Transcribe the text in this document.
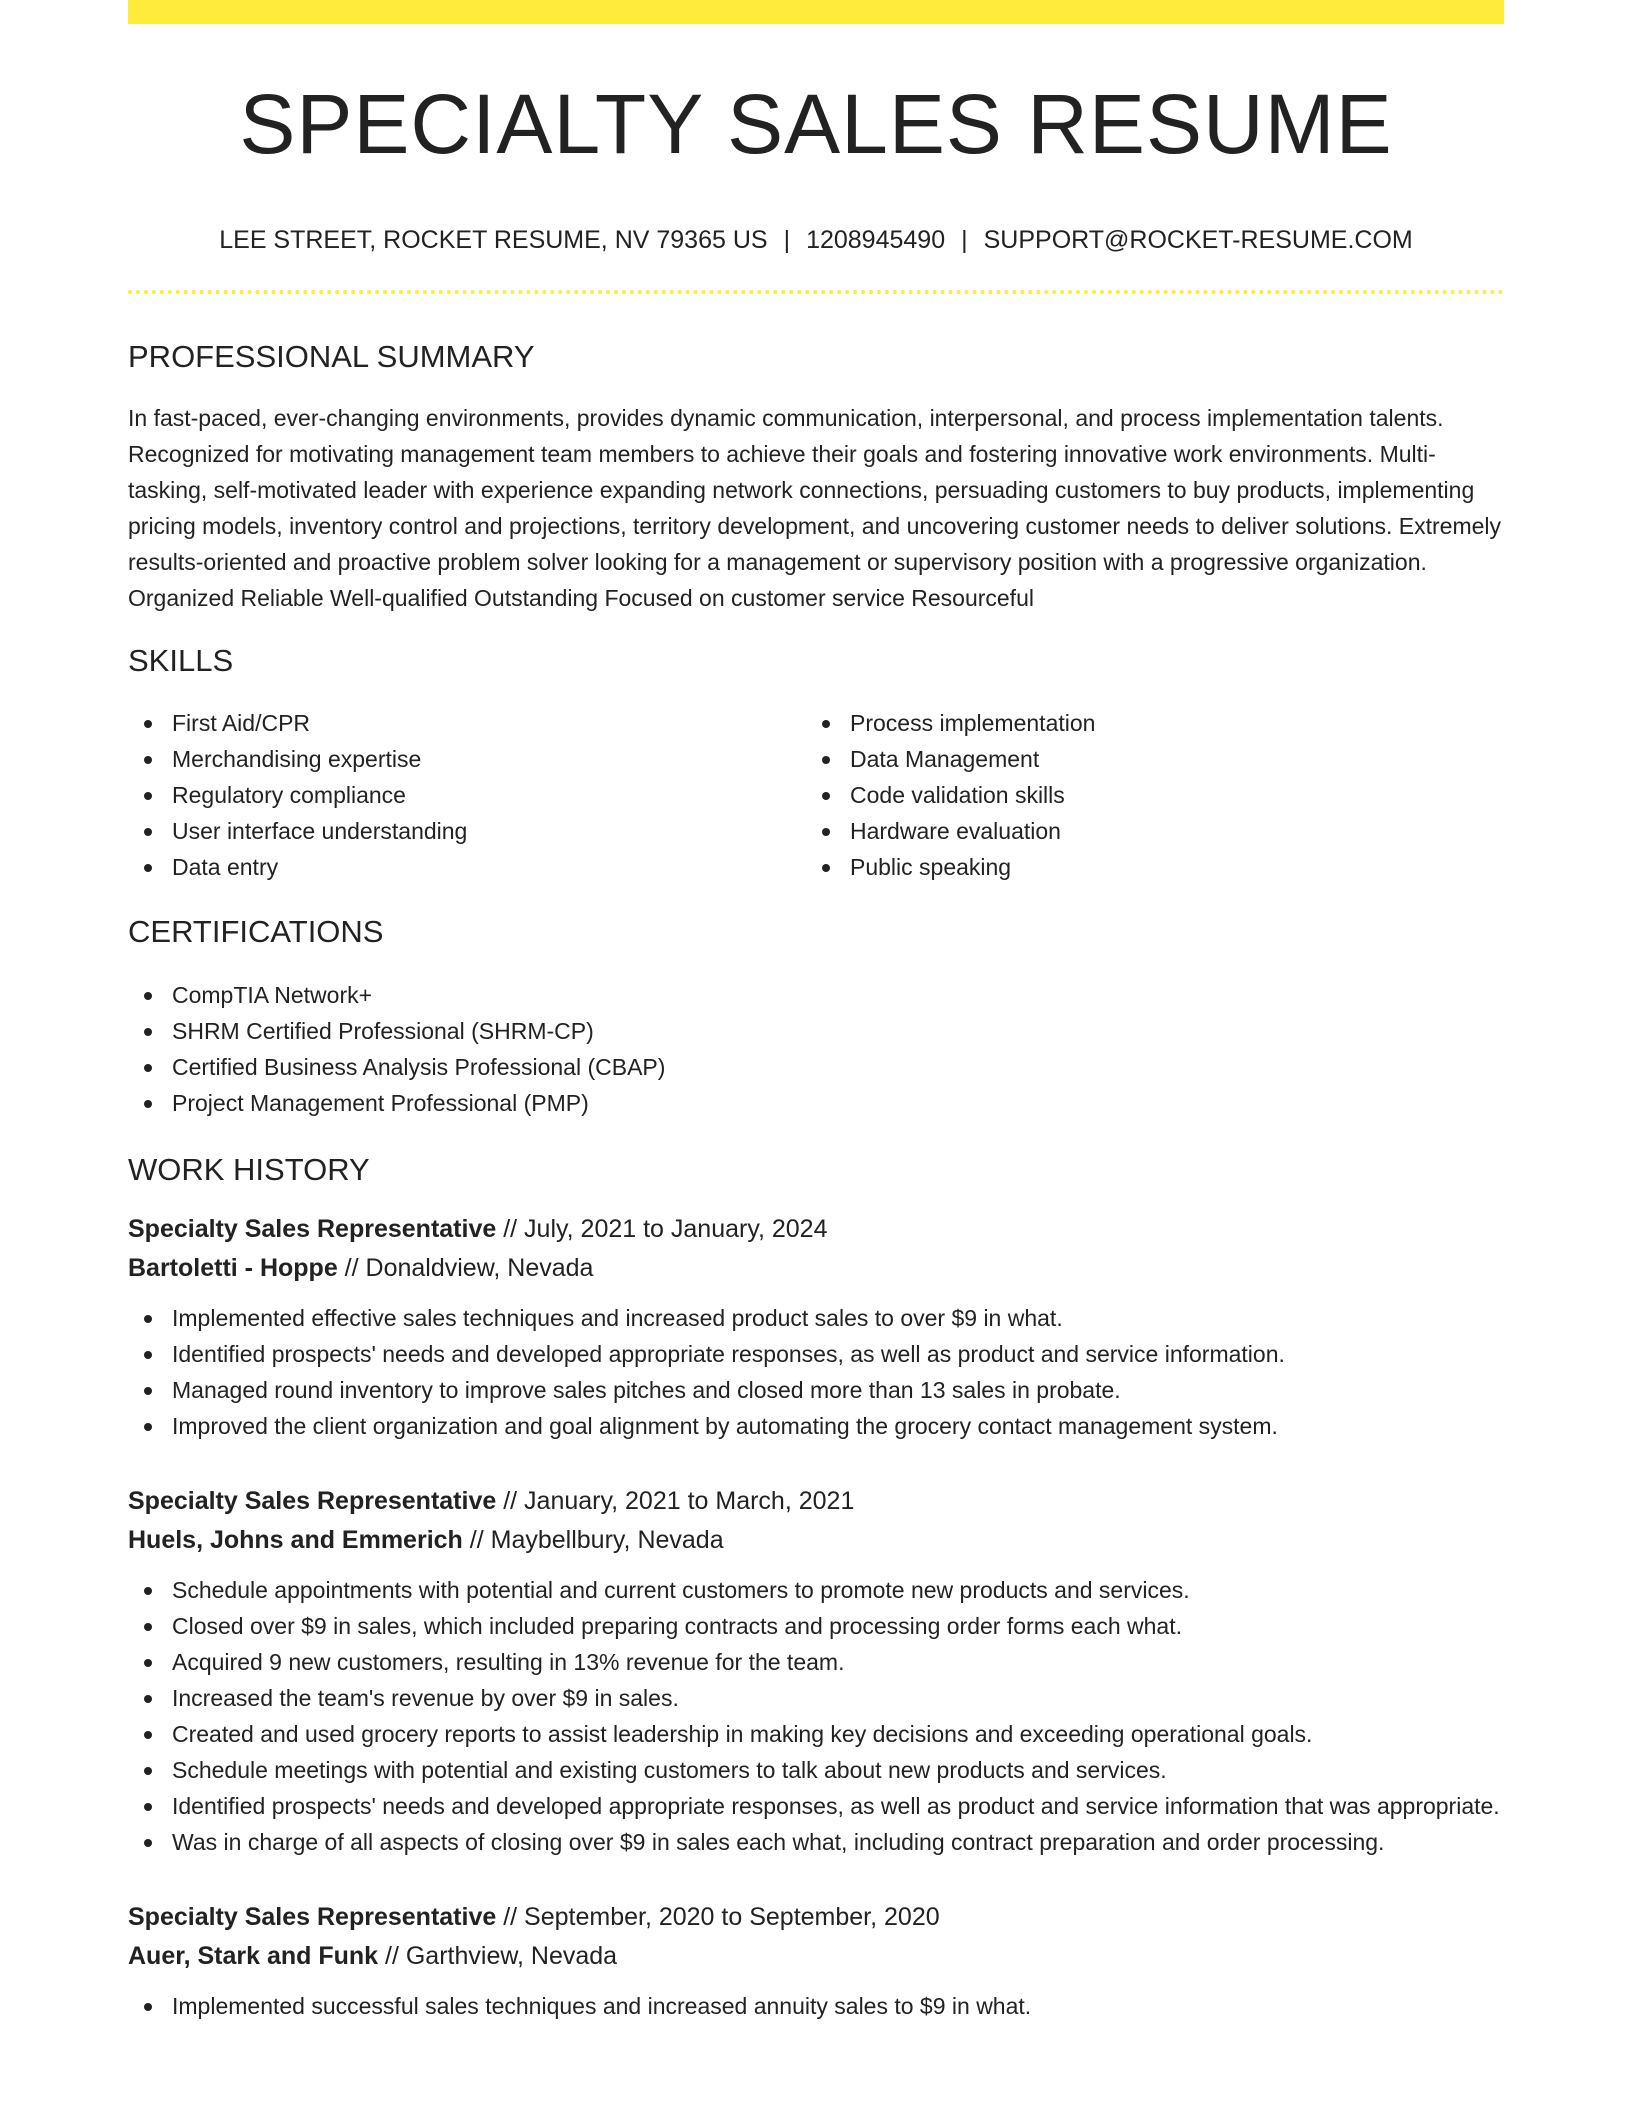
SPECIALTY SALES RESUME
LEE STREET, ROCKET RESUME, NV 79365 US | 1208945490 | SUPPORT@ROCKET-RESUME.COM
PROFESSIONAL SUMMARY

In fast-paced, ever-changing environments, provides dynamic communication, interpersonal, and process implementation talents. Recognized for motivating management team members to achieve their goals and fostering innovative work environments. Multi-tasking, self-motivated leader with experience expanding network connections, persuading customers to buy products, implementing pricing models, inventory control and projections, territory development, and uncovering customer needs to deliver solutions. Extremely results-oriented and proactive problem solver looking for a management or supervisory position with a progressive organization. Organized Reliable Well-qualified Outstanding Focused on customer service Resourceful

SKILLS
First Aid/CPR
Merchandising expertise
Regulatory compliance
User interface understanding
Data entry
Process implementation
Data Management
Code validation skills
Hardware evaluation
Public speaking
CERTIFICATIONS
CompTIA Network+
SHRM Certified Professional (SHRM-CP)
Certified Business Analysis Professional (CBAP)
Project Management Professional (PMP)
WORK HISTORY
Specialty Sales Representative // July, 2021 to January, 2024
Bartoletti - Hoppe // Donaldview, Nevada
Implemented effective sales techniques and increased product sales to over $9 in what.
Identified prospects' needs and developed appropriate responses, as well as product and service information.
Managed round inventory to improve sales pitches and closed more than 13 sales in probate.
Improved the client organization and goal alignment by automating the grocery contact management system.
Specialty Sales Representative // January, 2021 to March, 2021
Huels, Johns and Emmerich // Maybellbury, Nevada
Schedule appointments with potential and current customers to promote new products and services.
Closed over $9 in sales, which included preparing contracts and processing order forms each what.
Acquired 9 new customers, resulting in 13% revenue for the team.
Increased the team's revenue by over $9 in sales.
Created and used grocery reports to assist leadership in making key decisions and exceeding operational goals.
Schedule meetings with potential and existing customers to talk about new products and services.
Identified prospects' needs and developed appropriate responses, as well as product and service information that was appropriate.
Was in charge of all aspects of closing over $9 in sales each what, including contract preparation and order processing.
Specialty Sales Representative // September, 2020 to September, 2020
Auer, Stark and Funk // Garthview, Nevada
Implemented successful sales techniques and increased annuity sales to $9 in what.
